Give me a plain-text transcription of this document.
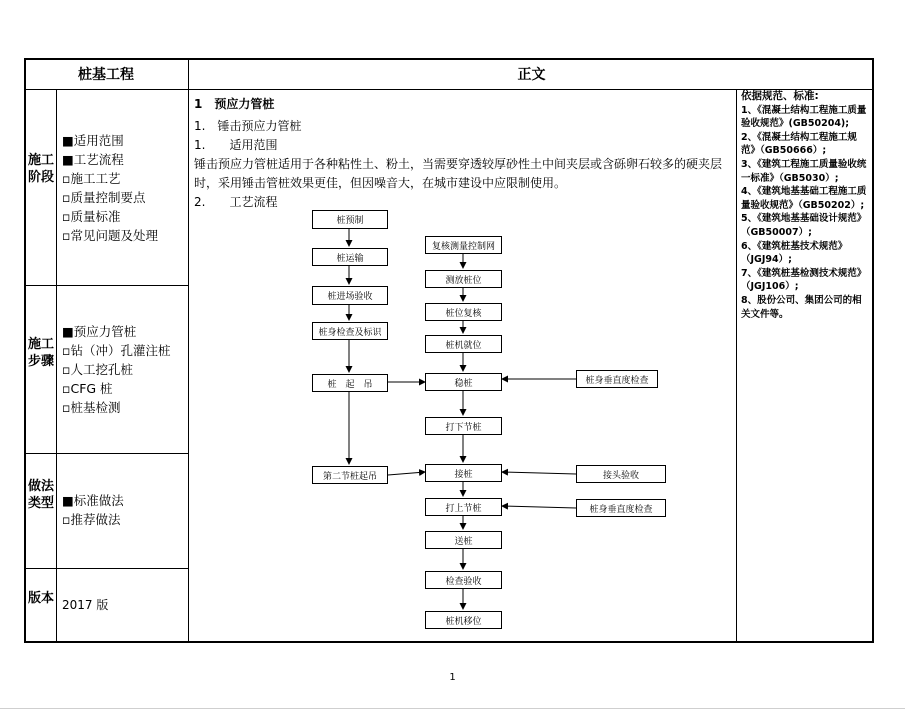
桩基工程	正文
施工阶段
施工步骤
做法类型
版本
■适用范围
■工艺流程
▫施工工艺
▫质量控制要点
▫质量标准
▫常见问题及处理
■预应力管桩
▫钻（冲）孔灌注桩
▫人工挖孔桩
▫CFG 桩
▫桩基检测
■标准做法
▫推荐做法
2017 版
1　预应力管桩
1.　锤击预应力管桩
1.　　适用范围
锤击预应力管桩适用于各种粘性土、粉土，当需要穿透较厚砂性土中间夹层或含砾卵石较多的硬夹层时，采用锤击管桩效果更佳，但因噪音大，在城市建设中应限制使用。
2.　　工艺流程
桩预制
桩运输
桩进场验收
桩身检查及标识
桩　起　吊
第二节桩起吊
复核测量控制网
测放桩位
桩位复核
桩机就位
稳桩
打下节桩
接桩
打上节桩
送桩
检查验收
桩机移位
桩身垂直度检查
接头验收
桩身垂直度检查
依据规范、标准:
1、《混凝土结构工程施工质量验收规范》(GB50204);
2、《混凝土结构工程施工规范》（GB50666）;
3、《建筑工程施工质量验收统一标准》（GB5030）;
4、《建筑地基基础工程施工质量验收规范》（GB50202）;
5、《建筑地基基础设计规范》（GB50007）;
6、《建筑桩基技术规范》（JGJ94）;
7、《建筑桩基检测技术规范》（JGJ106）;
8、股份公司、集团公司的相关文件等。
1
